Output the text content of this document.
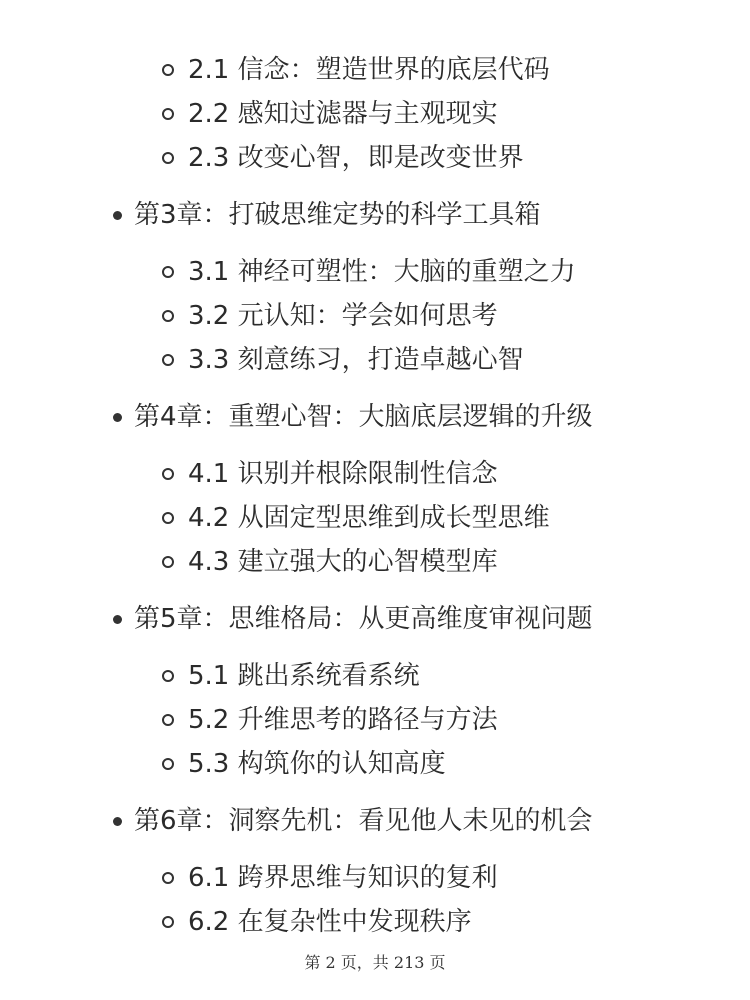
2.1 信念：塑造世界的底层代码
2.2 感知过滤器与主观现实
2.3 改变心智，即是改变世界
第3章：打破思维定势的科学工具箱
3.1 神经可塑性：大脑的重塑之力
3.2 元认知：学会如何思考
3.3 刻意练习，打造卓越心智
第4章：重塑心智：大脑底层逻辑的升级
4.1 识别并根除限制性信念
4.2 从固定型思维到成长型思维
4.3 建立强大的心智模型库
第5章：思维格局：从更高维度审视问题
5.1 跳出系统看系统
5.2 升维思考的路径与方法
5.3 构筑你的认知高度
第6章：洞察先机：看见他人未见的机会
6.1 跨界思维与知识的复利
6.2 在复杂性中发现秩序
第 2 页，共 213 页
